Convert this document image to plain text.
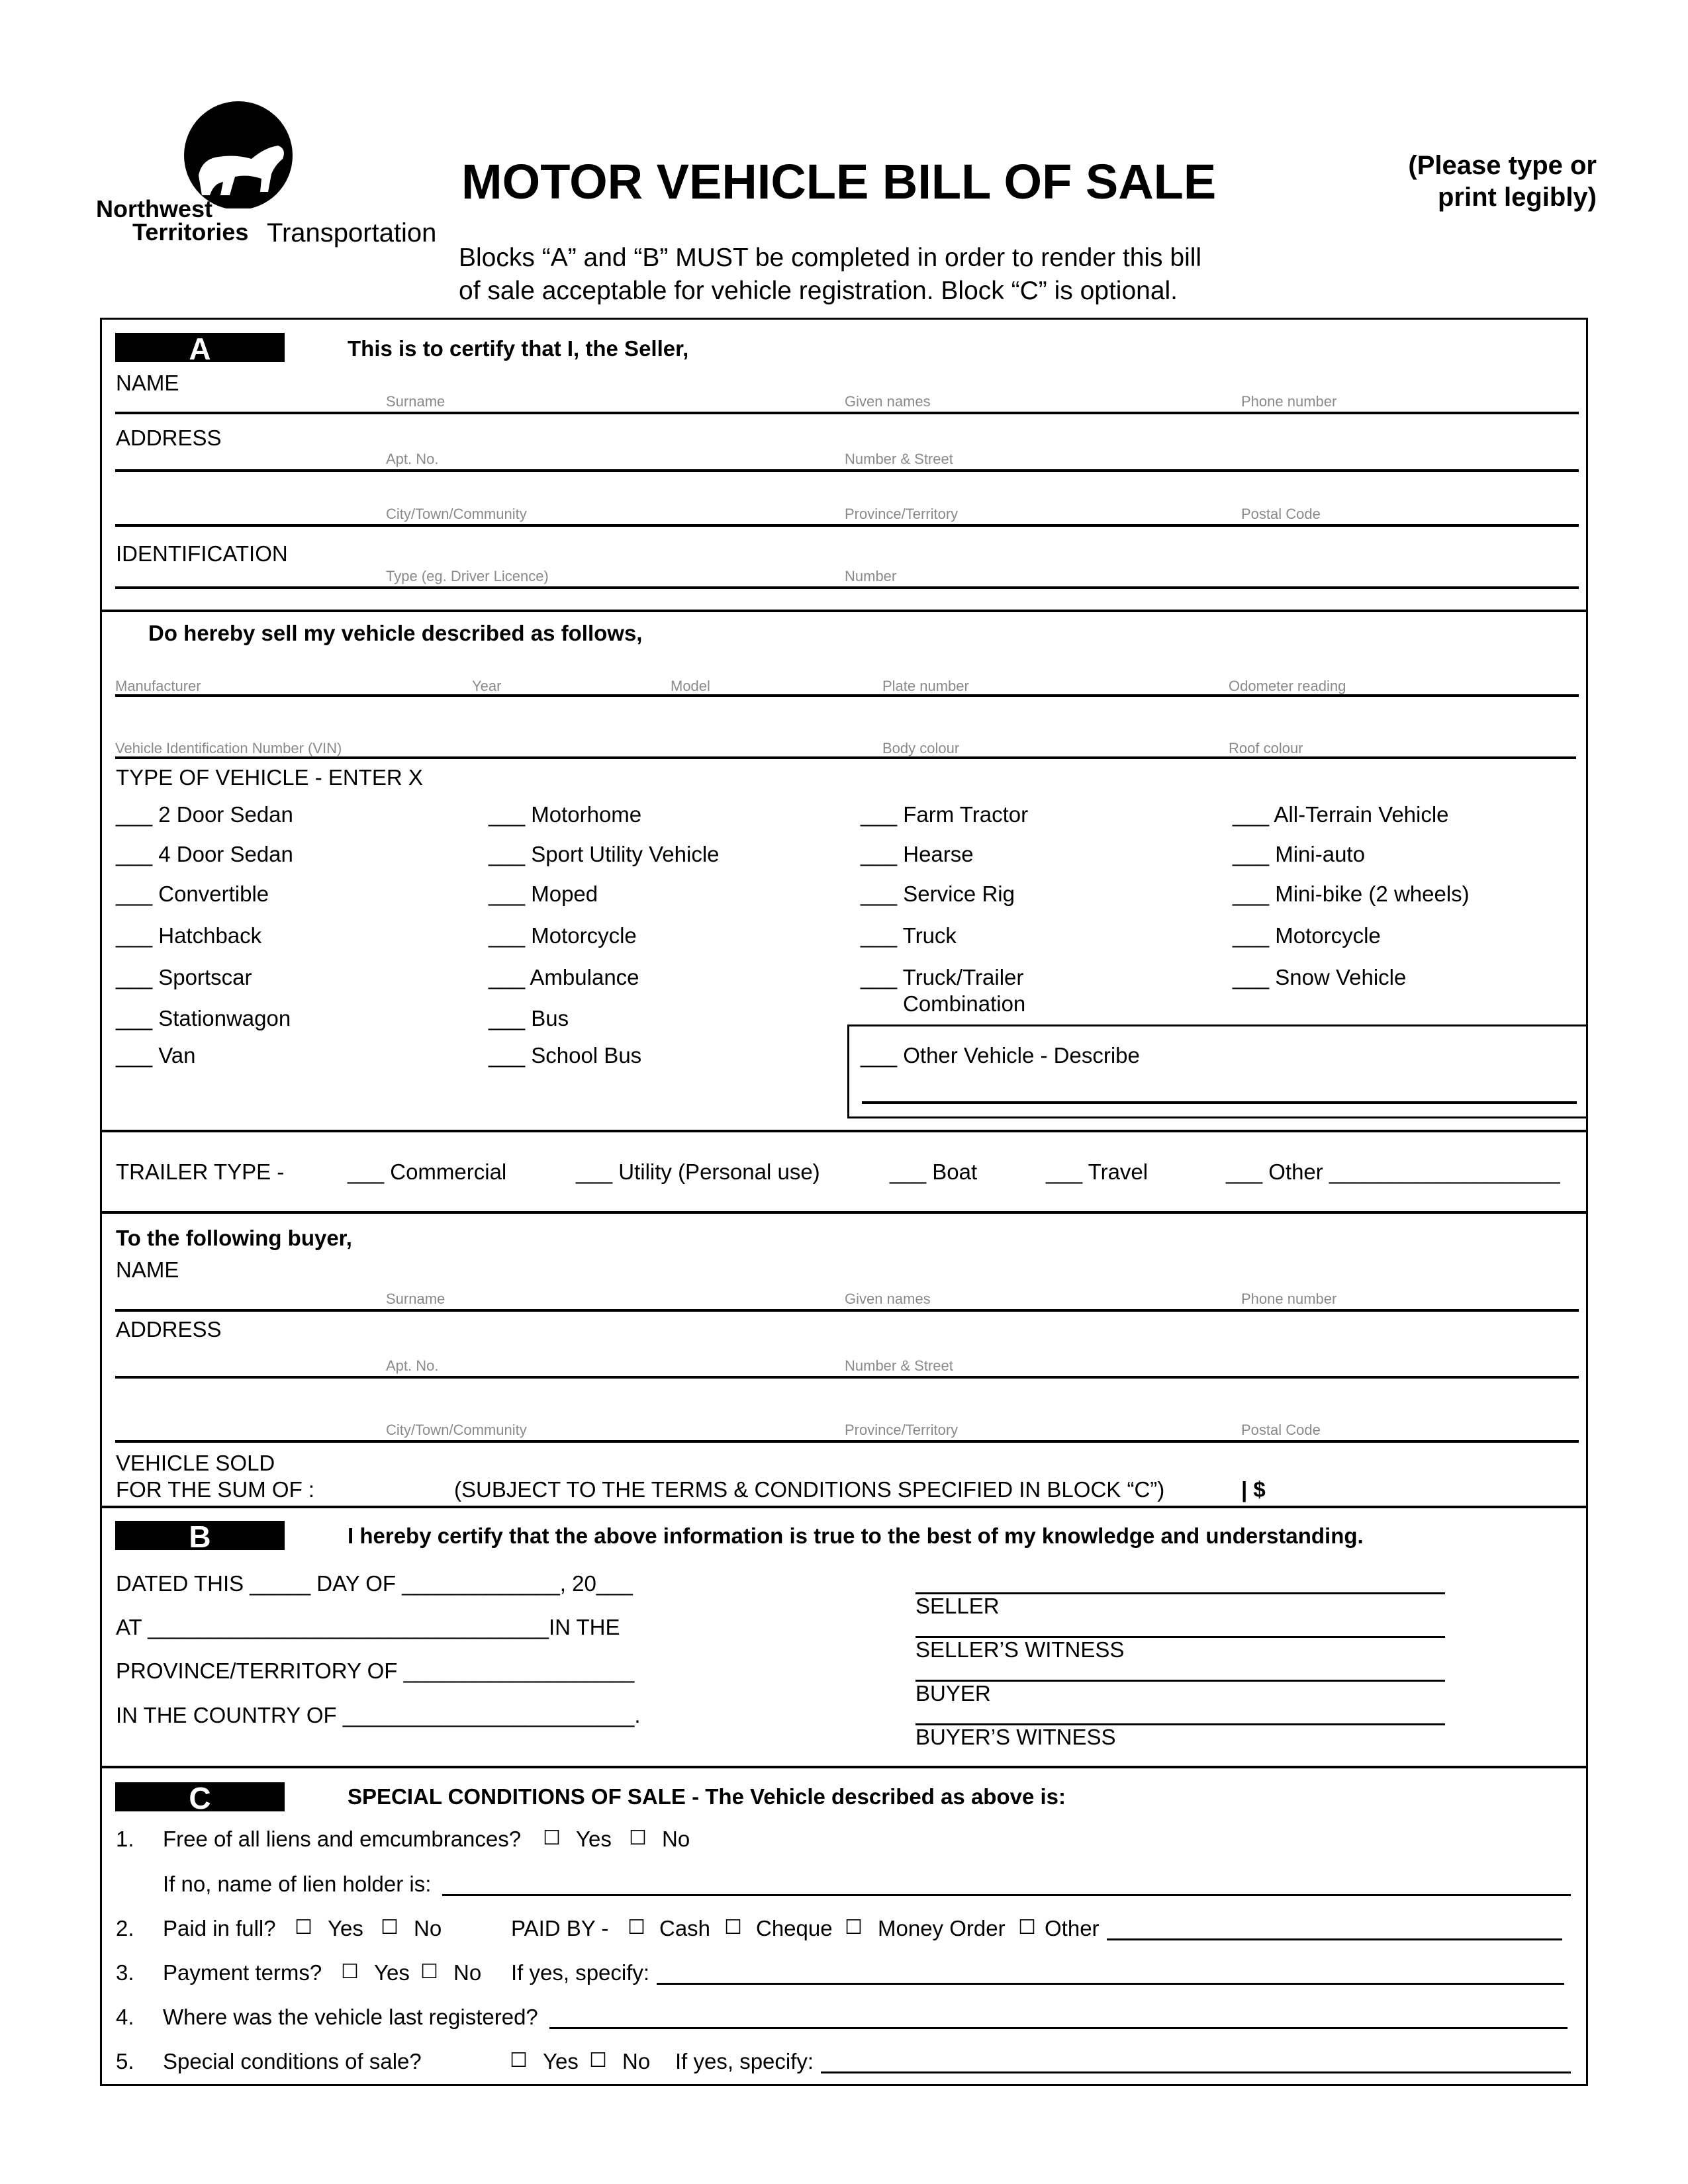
Northwest
Territories Transportation
MOTOR VEHICLE BILL OF SALE	(Please type or
print legibly)
Blocks “A” and “B” MUST be completed in order to render this bill
of sale acceptable for vehicle registration. Block “C” is optional.
A	This is to certify that I, the Seller,
NAME
Surname	Given names	Phone number
ADDRESS
Apt. No.	Number & Street
City/Town/Community	Province/Territory	Postal Code
IDENTIFICATION
Type (eg. Driver Licence)	Number
Do hereby sell my vehicle described as follows,
Manufacturer	Year	Model	Plate number	Odometer reading
Vehicle Identification Number (VIN)	Body colour	Roof colour
TYPE OF VEHICLE - ENTER X
___ 2 Door Sedan
___ 4 Door Sedan
___ Convertible
___ Hatchback
___ Sportscar
___ Stationwagon
___ Van
___ Motorhome
___ Sport Utility Vehicle
___ Moped
___ Motorcycle
___ Ambulance
___ Bus
___ School Bus
___ Farm Tractor
___ Hearse
___ Service Rig
___ Truck
___ Truck/Trailer
Combination
___ All-Terrain Vehicle
___ Mini-auto
___ Mini-bike (2 wheels)
___ Motorcycle
___ Snow Vehicle
___ Other Vehicle - Describe
TRAILER TYPE -	___ Commercial	___ Utility (Personal use)	___ Boat	___ Travel	___ Other ___________________
To the following buyer,
NAME
Surname	Given names	Phone number
ADDRESS
Apt. No.	Number & Street
City/Town/Community	Province/Territory	Postal Code
VEHICLE SOLD
FOR THE SUM OF :	(SUBJECT TO THE TERMS & CONDITIONS SPECIFIED IN BLOCK “C”)	| $
B	I hereby certify that the above information is true to the best of my knowledge and understanding.
DATED THIS _____ DAY OF _____________, 20___
AT _________________________________IN THE
PROVINCE/TERRITORY OF ___________________
IN THE COUNTRY OF ________________________.
SELLER
SELLER’S WITNESS
BUYER
BUYER’S WITNESS
C	SPECIAL CONDITIONS OF SALE - The Vehicle described as above is:
1. Free of all liens and emcumbrances? ☐ Yes ☐ No
If no, name of lien holder is:
2. Paid in full? ☐ Yes ☐ No	PAID BY - ☐ Cash ☐ Cheque ☐ Money Order ☐ Other
3. Payment terms? ☐ Yes ☐ No If yes, specify:
4. Where was the vehicle last registered?
5. Special conditions of sale?	☐ Yes ☐ No If yes, specify:
